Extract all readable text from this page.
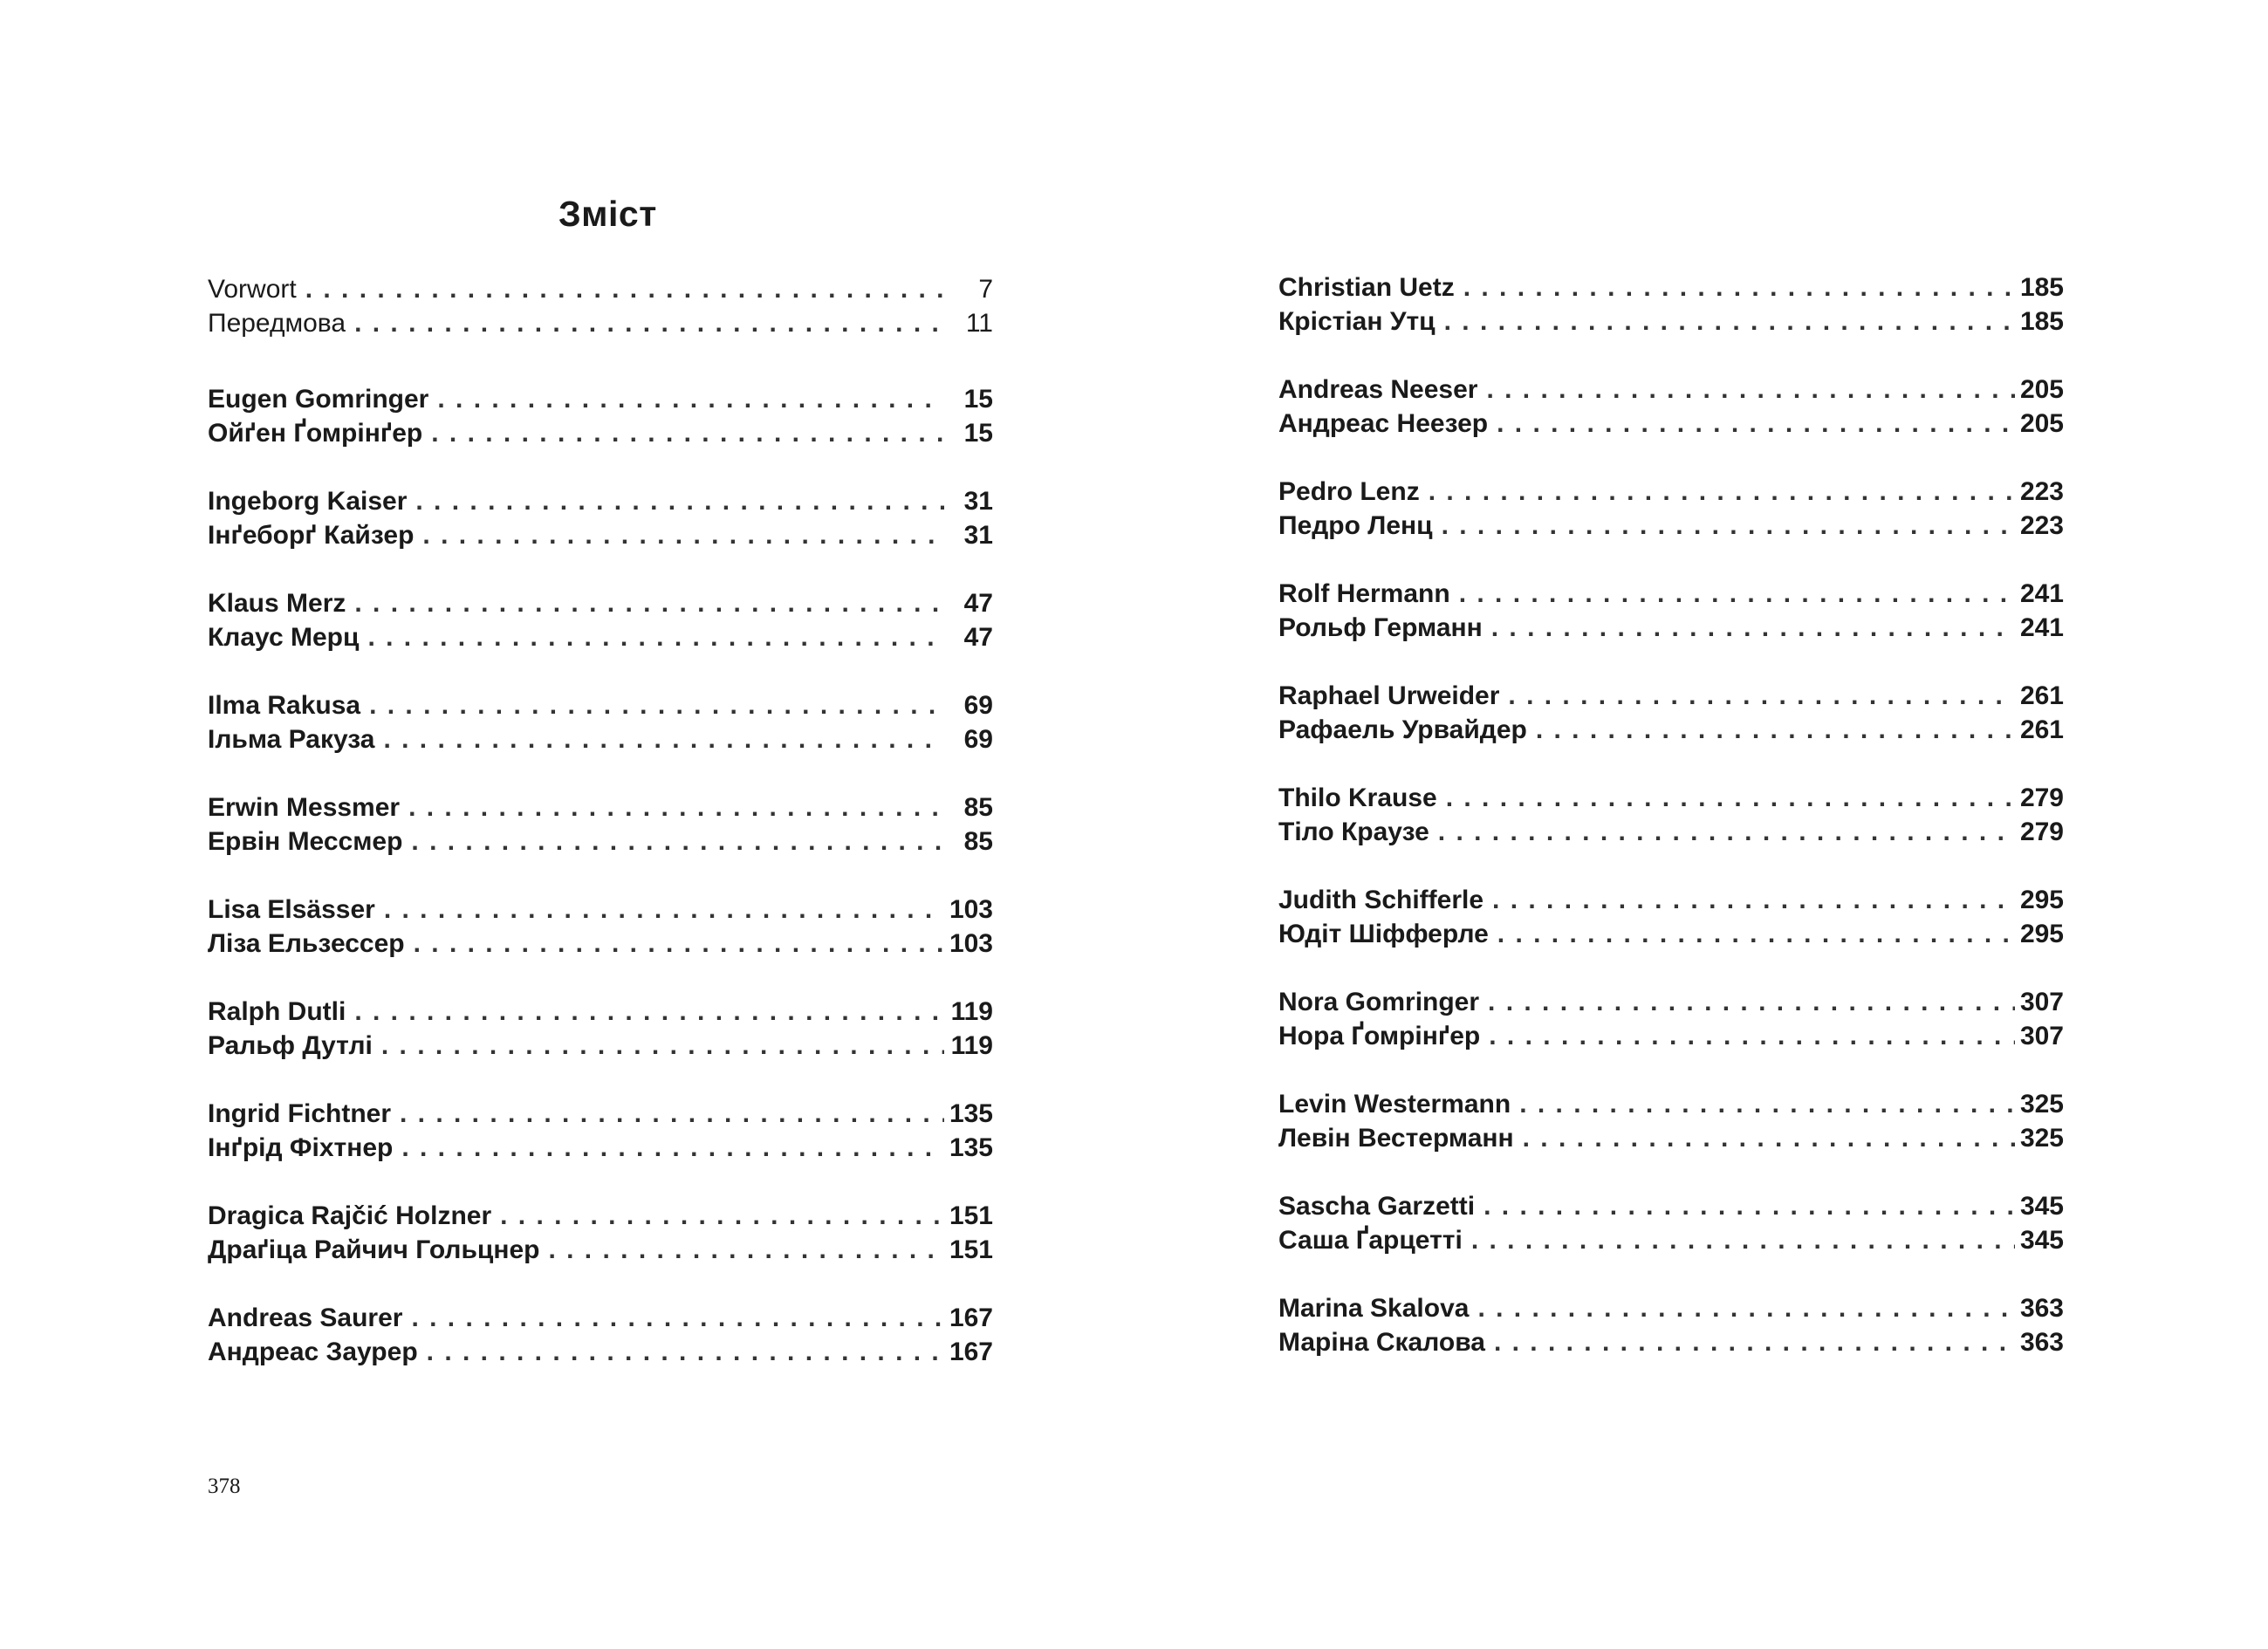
Зміст
Vorwort . . .	7
Передмова . . .	11
Eugen Gomringer . . .	15
Ойґен Ґомрінґер . . .	15
Ingeborg Kaiser . . .	31
Інґеборґ Кайзер . . .	31
Klaus Merz . . .	47
Клаус Мерц . . .	47
Ilma Rakusa . . .	69
Ільма Ракуза . . .	69
Erwin Messmer . . .	85
Ервін Мессмер . . .	85
Lisa Elsässer . . .	103
Ліза Ельзессер . . .	103
Ralph Dutli . . .	119
Ральф Дутлі . . .	119
Ingrid Fichtner . . .	135
Інґрід Фіхтнер . . .	135
Dragica Rajčić Holzner . . .	151
Драґіца Райчич Гольцнер . . .	151
Andreas Saurer . . .	167
Андреас Заурер . . .	167
378
Christian Uetz . . .	185
Крістіан Утц . . .	185
Andreas Neeser . . .	205
Андреас Неезер . . .	205
Pedro Lenz . . .	223
Педро Ленц . . .	223
Rolf Hermann . . .	241
Рольф Германн . . .	241
Raphael Urweider . . .	261
Рафаель Урвайдер . . .	261
Thilo Krause . . .	279
Тіло Краузе . . .	279
Judith Schifferle . . .	295
Юдіт Шіфферле . . .	295
Nora Gomringer . . .	307
Нора Ґомрінґер . . .	307
Levin Westermann . . .	325
Левін Вестерманн . . .	325
Sascha Garzetti . . .	345
Саша Ґарцетті . . .	345
Marina Skalova . . .	363
Маріна Скалова . . .	363
